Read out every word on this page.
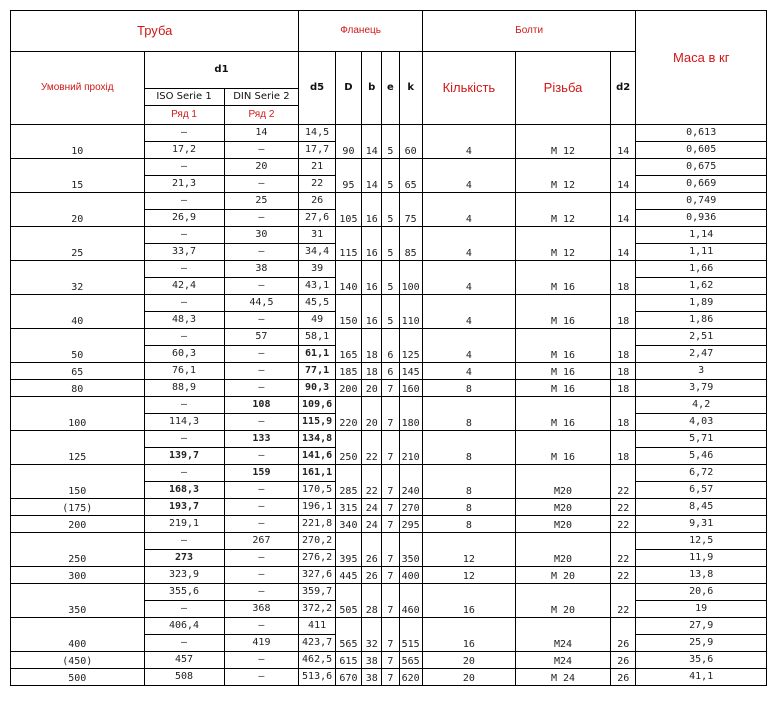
Труба			Фланець					Болти			Маса в кг
Умовний прохід	d1		d5	D	b	e	k	Кількість	Різьба	d2	
	ISO Serie 1	DIN Serie 2									
	Ряд 1	Ряд 2									
10	—	14	14,5	90	14	5	60	4	M 12	14	0,613
	17,2	—	17,7								0,605
15	—	20	21	95	14	5	65	4	M 12	14	0,675
	21,3	—	22								0,669
20	—	25	26	105	16	5	75	4	M 12	14	0,749
	26,9	—	27,6								0,936
25	—	30	31	115	16	5	85	4	M 12	14	1,14
	33,7	—	34,4								1,11
32	—	38	39	140	16	5	100	4	M 16	18	1,66
	42,4	—	43,1								1,62
40	—	44,5	45,5	150	16	5	110	4	M 16	18	1,89
	48,3	—	49								1,86
50	—	57	58,1	165	18	6	125	4	M 16	18	2,51
	60,3	—	61,1								2,47
65	76,1	—	77,1	185	18	6	145	4	M 16	18	3
80	88,9	—	90,3	200	20	7	160	8	M 16	18	3,79
100	—	108	109,6	220	20	7	180	8	M 16	18	4,2
	114,3	—	115,9								4,03
125	—	133	134,8	250	22	7	210	8	M 16	18	5,71
	139,7	—	141,6								5,46
150	—	159	161,1	285	22	7	240	8	M20	22	6,72
	168,3	—	170,5								6,57
(175)	193,7	—	196,1	315	24	7	270	8	M20	22	8,45
200	219,1	—	221,8	340	24	7	295	8	M20	22	9,31
250	—	267	270,2	395	26	7	350	12	M20	22	12,5
	273	—	276,2								11,9
300	323,9	—	327,6	445	26	7	400	12	M 20	22	13,8
350	355,6	—	359,7	505	28	7	460	16	M 20	22	20,6
	—	368	372,2								19
400	406,4	—	411	565	32	7	515	16	M24	26	27,9
	—	419	423,7								25,9
(450)	457	—	462,5	615	38	7	565	20	M24	26	35,6
500	508	—	513,6	670	38	7	620	20	M 24	26	41,1
